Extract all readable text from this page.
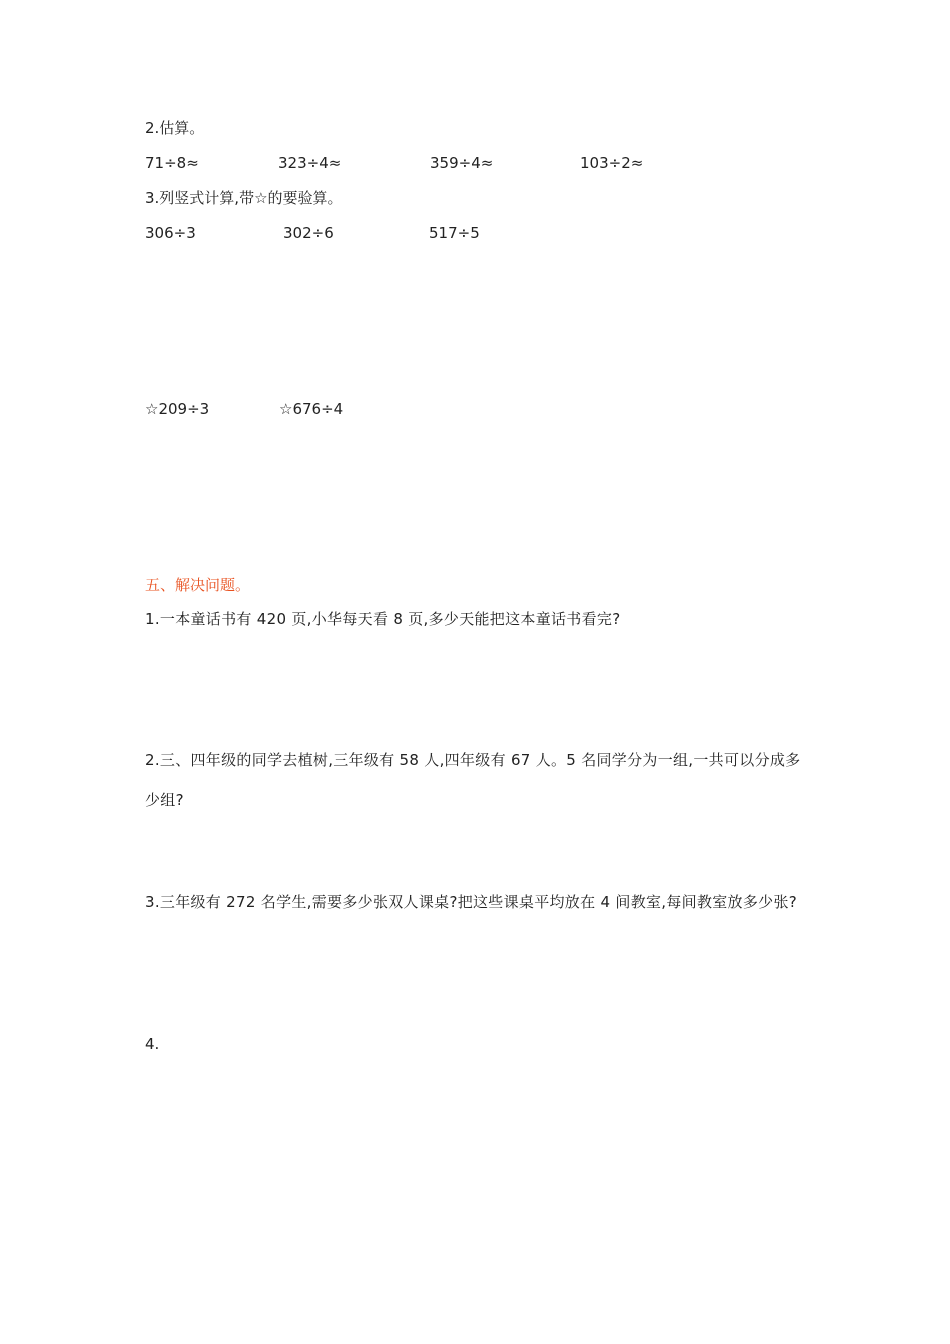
2.估算。
71÷8≈	323÷4≈	359÷4≈	103÷2≈
3.列竖式计算,带☆的要验算。
306÷3	302÷6	517÷5
☆209÷3	☆676÷4
五、解决问题。
1.一本童话书有 420 页,小华每天看 8 页,多少天能把这本童话书看完?
2.三、四年级的同学去植树,三年级有 58 人,四年级有 67 人。5 名同学分为一组,一共可以分成多少组?
3.三年级有 272 名学生,需要多少张双人课桌?把这些课桌平均放在 4 间教室,每间教室放多少张?
4.
